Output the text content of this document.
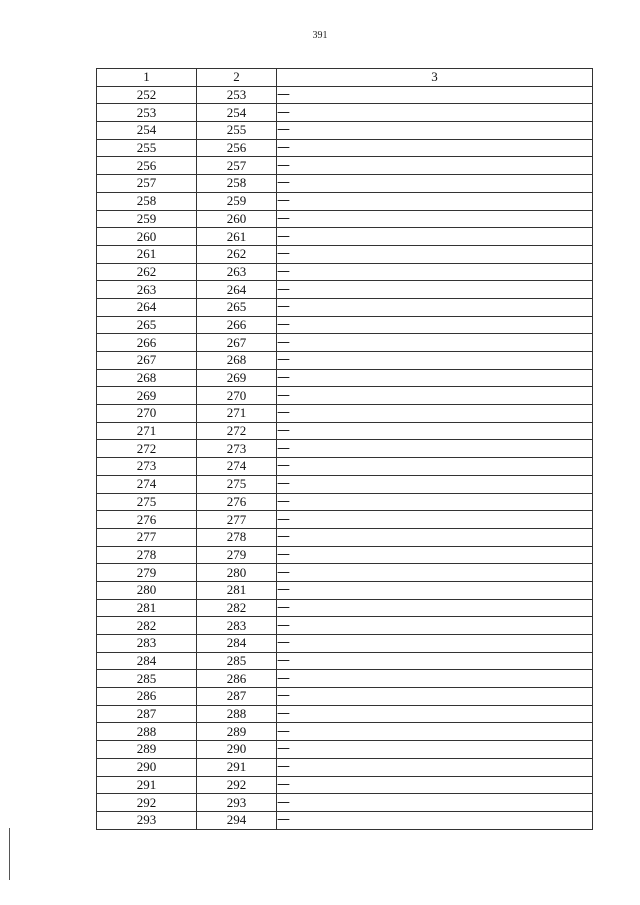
391
1	2	3
252	253	—
253	254	—
254	255	—
255	256	—
256	257	—
257	258	—
258	259	—
259	260	—
260	261	—
261	262	—
262	263	—
263	264	—
264	265	—
265	266	—
266	267	—
267	268	—
268	269	—
269	270	—
270	271	—
271	272	—
272	273	—
273	274	—
274	275	—
275	276	—
276	277	—
277	278	—
278	279	—
279	280	—
280	281	—
281	282	—
282	283	—
283	284	—
284	285	—
285	286	—
286	287	—
287	288	—
288	289	—
289	290	—
290	291	—
291	292	—
292	293	—
293	294	—
